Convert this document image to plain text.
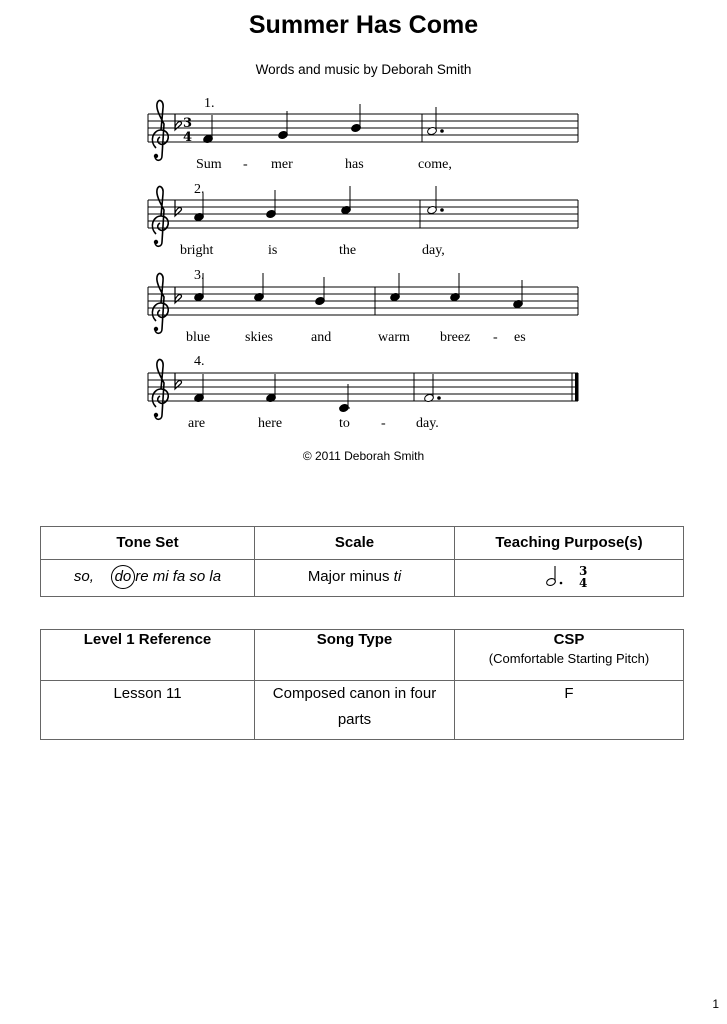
Summer Has Come
Words and music by Deborah Smith
1.
3
4
Sum - mer	has	come,
2.
bright	is	the	day,
3.
blue skies	and	warm breez - es
4.
are	here	to - day.
© 2011 Deborah Smith
Tone Set	Scale	Teaching Purpose(s)
so, do re mi fa so la	Major minus ti	3
4
Level 1 Reference	Song Type	CSP
(Comfortable Starting Pitch)

Lesson 11	Composed canon in four parts	F
1
